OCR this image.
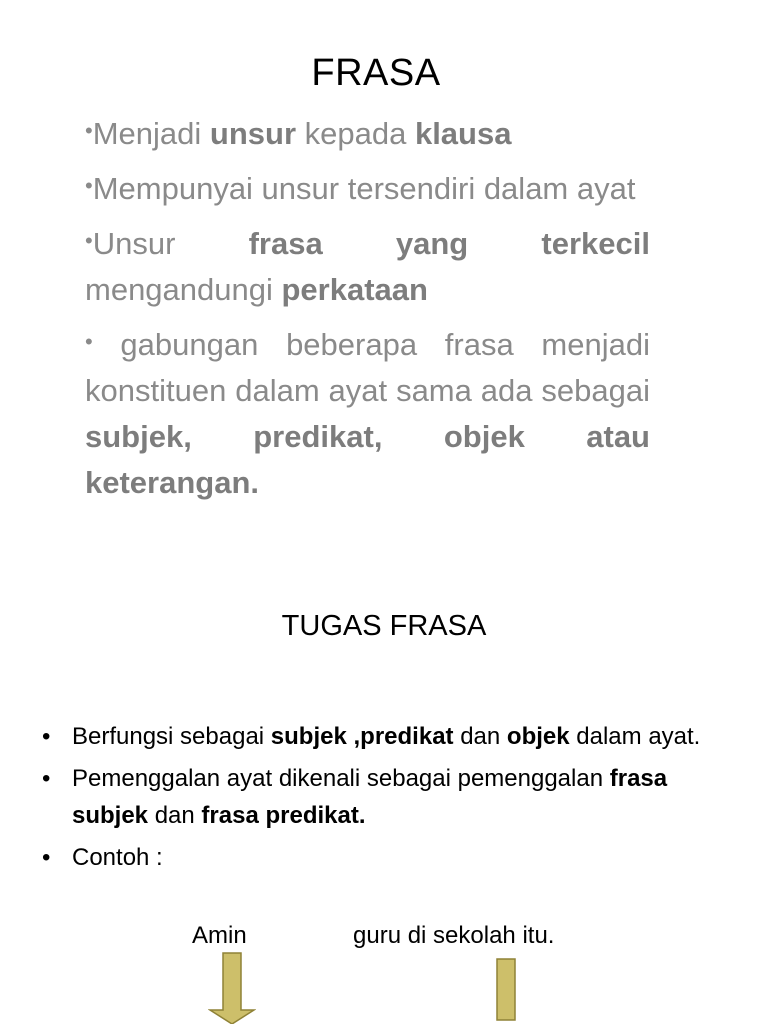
FRASA
•Menjadi unsur kepada klausa
•Mempunyai unsur tersendiri dalam ayat
•Unsur frasa yang terkecil mengandungi perkataan
• gabungan beberapa frasa menjadi konstituen dalam ayat sama ada sebagai subjek, predikat, objek atau keterangan.
TUGAS FRASA
• Berfungsi sebagai subjek ,predikat dan objek dalam ayat.
• Pemenggalan ayat dikenali sebagai pemenggalan frasa subjek dan frasa predikat.
• Contoh :
Amin	guru di sekolah itu.
